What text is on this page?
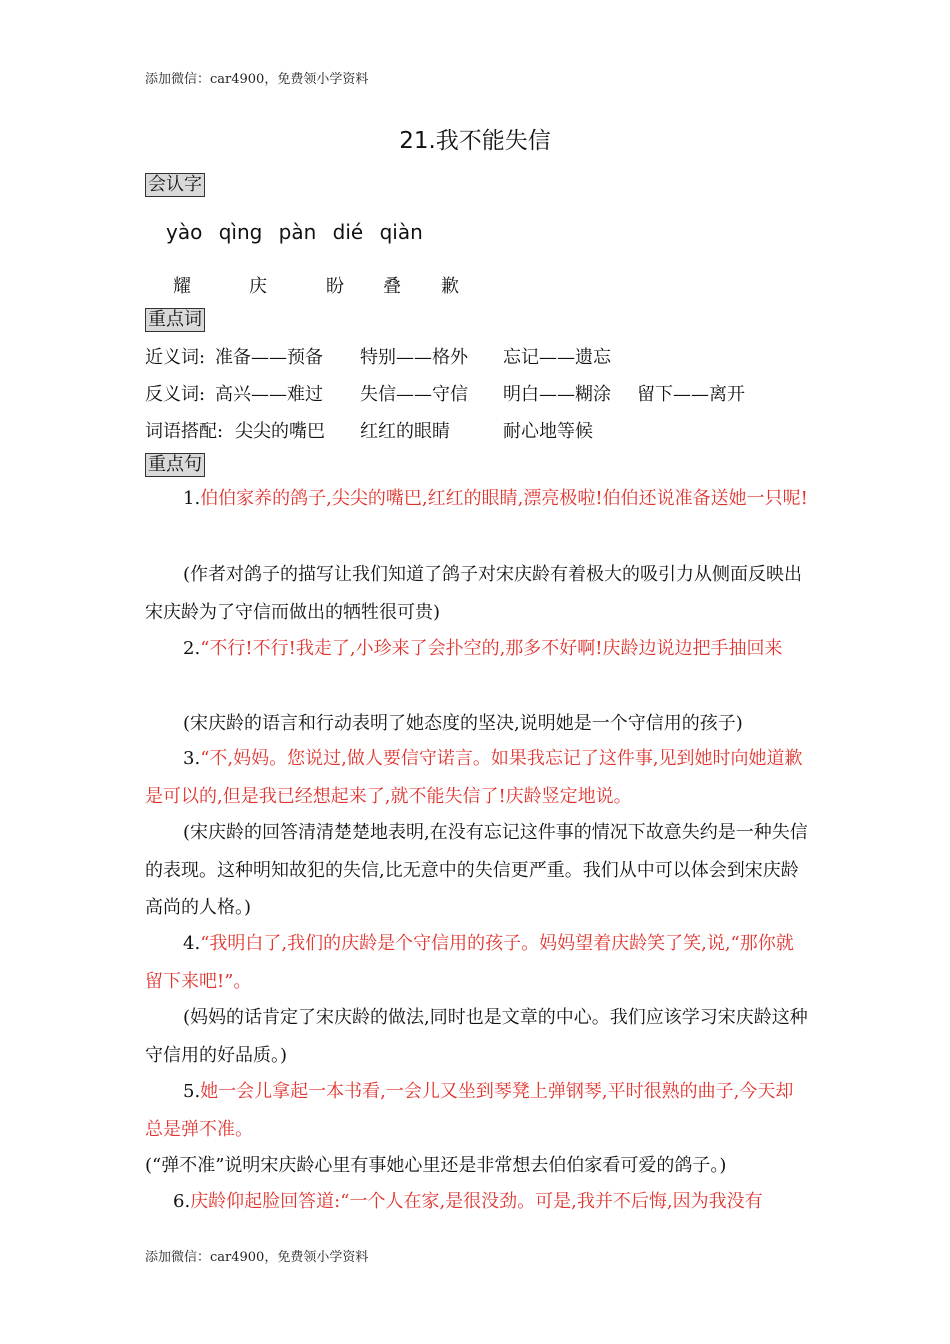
添加微信：car4900，免费领小学资料
21.我不能失信
会认字
yào qìng pàn dié qiàn
耀	庆	盼 叠 歉
重点词
近义词: 准备——预备 特别——格外 忘记——遗忘
反义词: 高兴——难过 失信——守信 明白——糊涂 留下——离开
词语搭配: 尖尖的嘴巴 红红的眼睛	耐心地等候
重点句
1.伯伯家养的鸽子,尖尖的嘴巴,红红的眼睛,漂亮极啦!伯伯还说准备送她一只呢!
(作者对鸽子的描写让我们知道了鸽子对宋庆龄有着极大的吸引力从侧面反映出宋庆龄为了守信而做出的牺牲很可贵)
2.“不行!不行!我走了,小珍来了会扑空的,那多不好啊!庆龄边说边把手抽回来
(宋庆龄的语言和行动表明了她态度的坚决,说明她是一个守信用的孩子)
3.“不,妈妈。您说过,做人要信守诺言。如果我忘记了这件事,见到她时向她道歉是可以的,但是我已经想起来了,就不能失信了!庆龄竖定地说。
(宋庆龄的回答清清楚楚地表明,在没有忘记这件事的情况下故意失约是一种失信的表现。这种明知故犯的失信,比无意中的失信更严重。我们从中可以体会到宋庆龄高尚的人格。)
4.“我明白了,我们的庆龄是个守信用的孩子。妈妈望着庆龄笑了笑,说,“那你就留下来吧!”。
(妈妈的话肯定了宋庆龄的做法,同时也是文章的中心。我们应该学习宋庆龄这种守信用的好品质。)
5.她一会儿拿起一本书看,一会儿又坐到琴凳上弹钢琴,平时很熟的曲子,今天却总是弹不准。
(“弹不准”说明宋庆龄心里有事她心里还是非常想去伯伯家看可爱的鸽子。)
6.庆龄仰起脸回答道:“一个人在家,是很没劲。可是,我并不后悔,因为我没有
添加微信：car4900，免费领小学资料
